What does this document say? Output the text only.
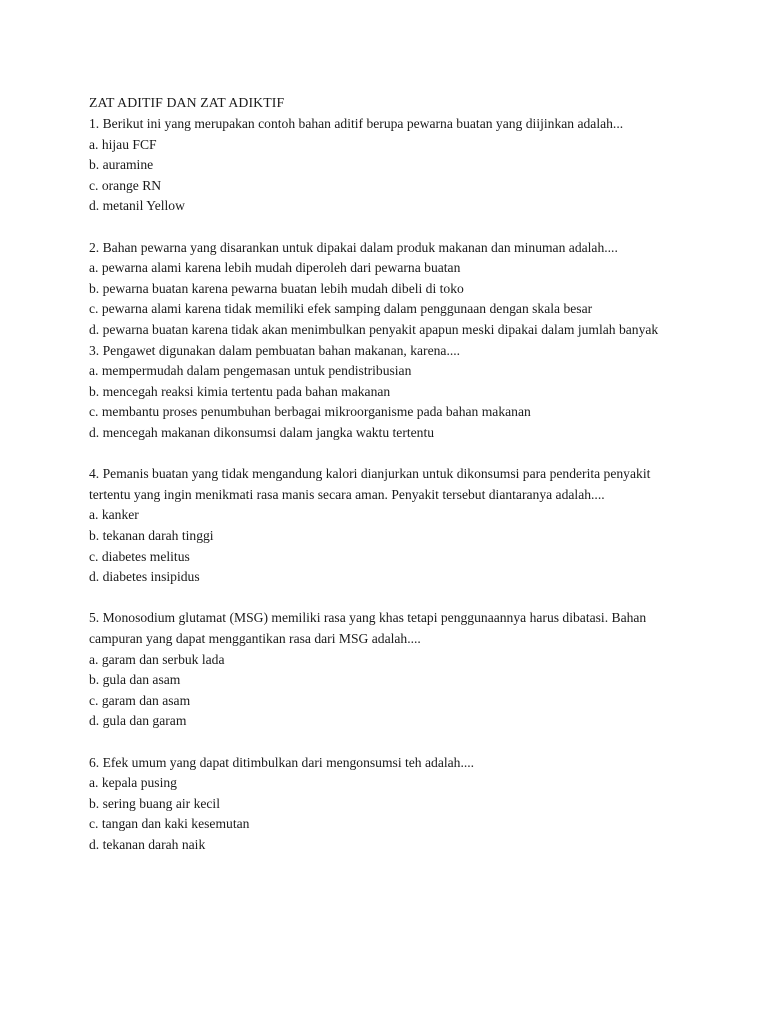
ZAT ADITIF DAN ZAT ADIKTIF
1. Berikut ini yang merupakan contoh bahan aditif berupa pewarna buatan yang diijinkan adalah...
a. hijau FCF
b. auramine
c. orange RN
d. metanil Yellow
2. Bahan pewarna yang disarankan untuk dipakai dalam produk makanan dan minuman adalah....
a. pewarna alami karena lebih mudah diperoleh dari pewarna buatan
b. pewarna buatan karena pewarna buatan lebih mudah dibeli di toko
c. pewarna alami karena tidak memiliki efek samping dalam penggunaan dengan skala besar
d. pewarna buatan karena tidak akan menimbulkan penyakit apapun meski dipakai dalam jumlah banyak
3. Pengawet digunakan dalam pembuatan bahan makanan, karena....
a. mempermudah dalam pengemasan untuk pendistribusian
b. mencegah reaksi kimia tertentu pada bahan makanan
c. membantu proses penumbuhan berbagai mikroorganisme pada bahan makanan
d. mencegah makanan dikonsumsi dalam jangka waktu tertentu
4. Pemanis buatan yang tidak mengandung kalori dianjurkan untuk dikonsumsi para penderita penyakit tertentu yang ingin menikmati rasa manis secara aman. Penyakit tersebut diantaranya adalah....
a. kanker
b. tekanan darah tinggi
c. diabetes melitus
d. diabetes insipidus
5. Monosodium glutamat (MSG) memiliki rasa yang khas tetapi penggunaannya harus dibatasi. Bahan campuran yang dapat menggantikan rasa dari MSG adalah....
a. garam dan serbuk lada
b. gula dan asam
c. garam dan asam
d. gula dan garam
6. Efek umum yang dapat ditimbulkan dari mengonsumsi teh adalah....
a. kepala pusing
b. sering buang air kecil
c. tangan dan kaki kesemutan
d. tekanan darah naik
